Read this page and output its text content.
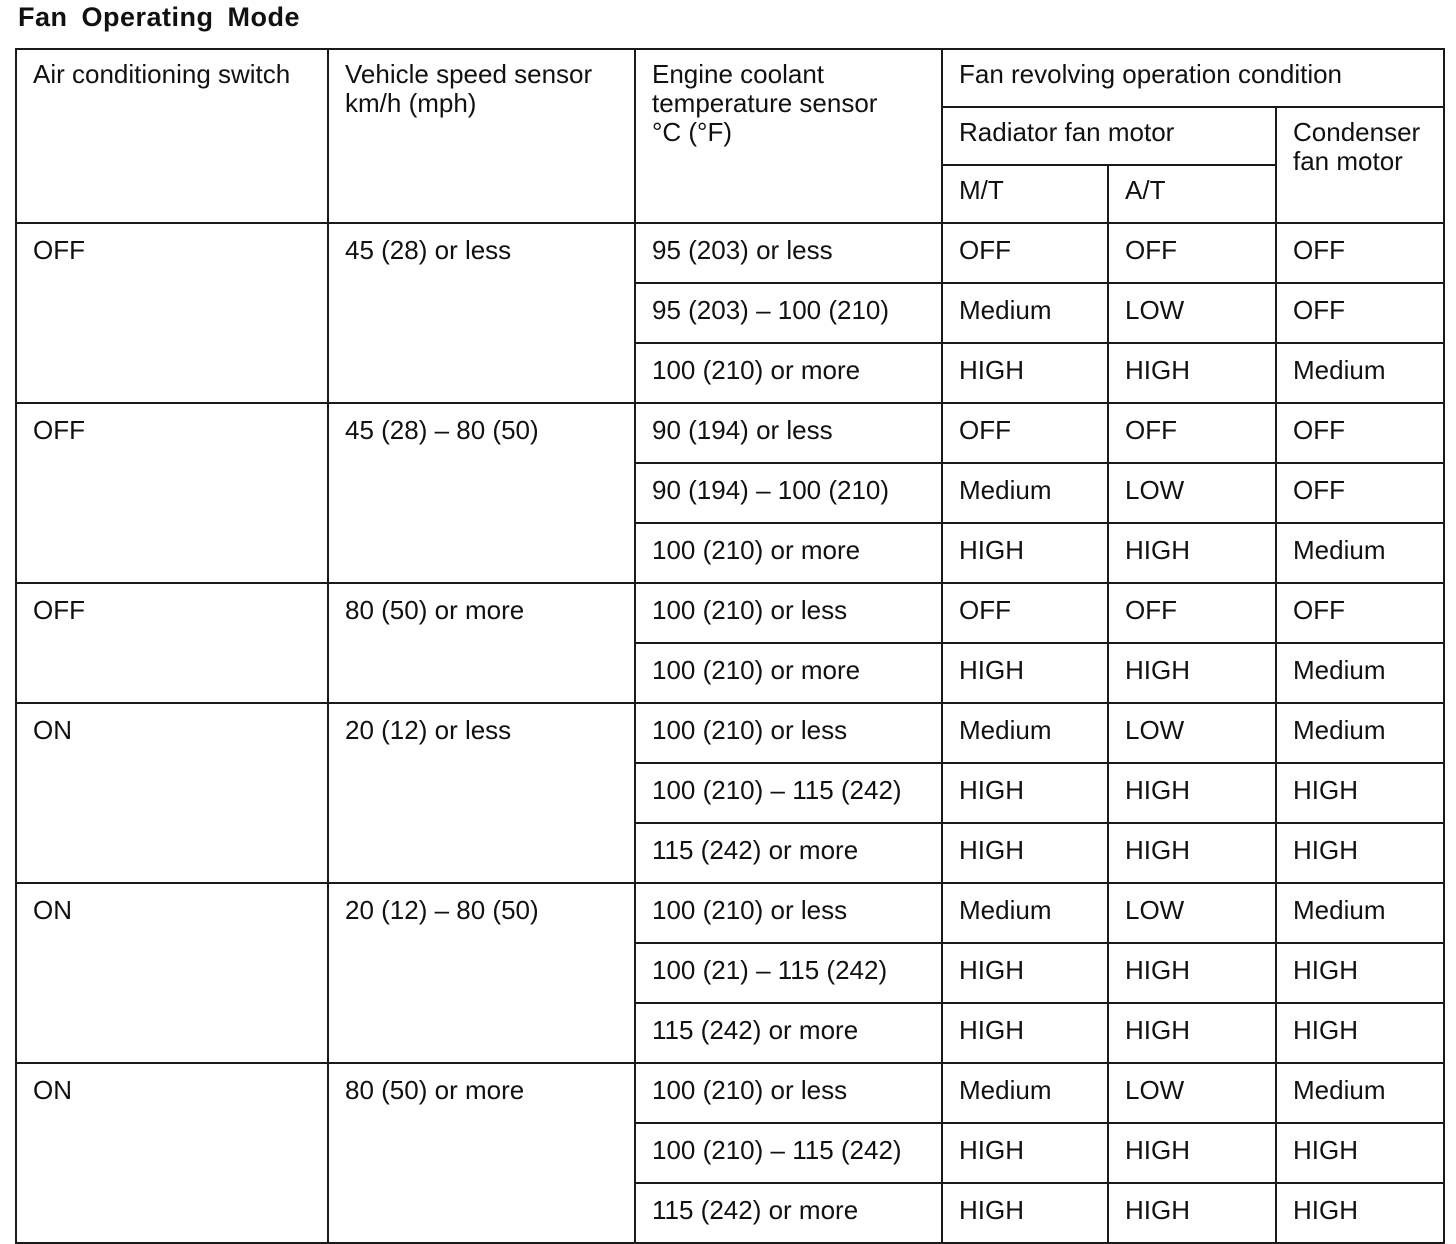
Fan Operating Mode
Air conditioning switch	Vehicle speed sensor km/h (mph)	Engine coolant temperature sensor °C (°F)	Fan revolving operation condition		
			Radiator fan motor		Condenser fan motor
			M/T	A/T	
OFF	45 (28) or less	95 (203) or less	OFF	OFF	OFF
		95 (203) – 100 (210)	Medium	LOW	OFF
		100 (210) or more	HIGH	HIGH	Medium
OFF	45 (28) – 80 (50)	90 (194) or less	OFF	OFF	OFF
		90 (194) – 100 (210)	Medium	LOW	OFF
		100 (210) or more	HIGH	HIGH	Medium
OFF	80 (50) or more	100 (210) or less	OFF	OFF	OFF
		100 (210) or more	HIGH	HIGH	Medium
ON	20 (12) or less	100 (210) or less	Medium	LOW	Medium
		100 (210) – 115 (242)	HIGH	HIGH	HIGH
		115 (242) or more	HIGH	HIGH	HIGH
ON	20 (12) – 80 (50)	100 (210) or less	Medium	LOW	Medium
		100 (21) – 115 (242)	HIGH	HIGH	HIGH
		115 (242) or more	HIGH	HIGH	HIGH
ON	80 (50) or more	100 (210) or less	Medium	LOW	Medium
		100 (210) – 115 (242)	HIGH	HIGH	HIGH
		115 (242) or more	HIGH	HIGH	HIGH
